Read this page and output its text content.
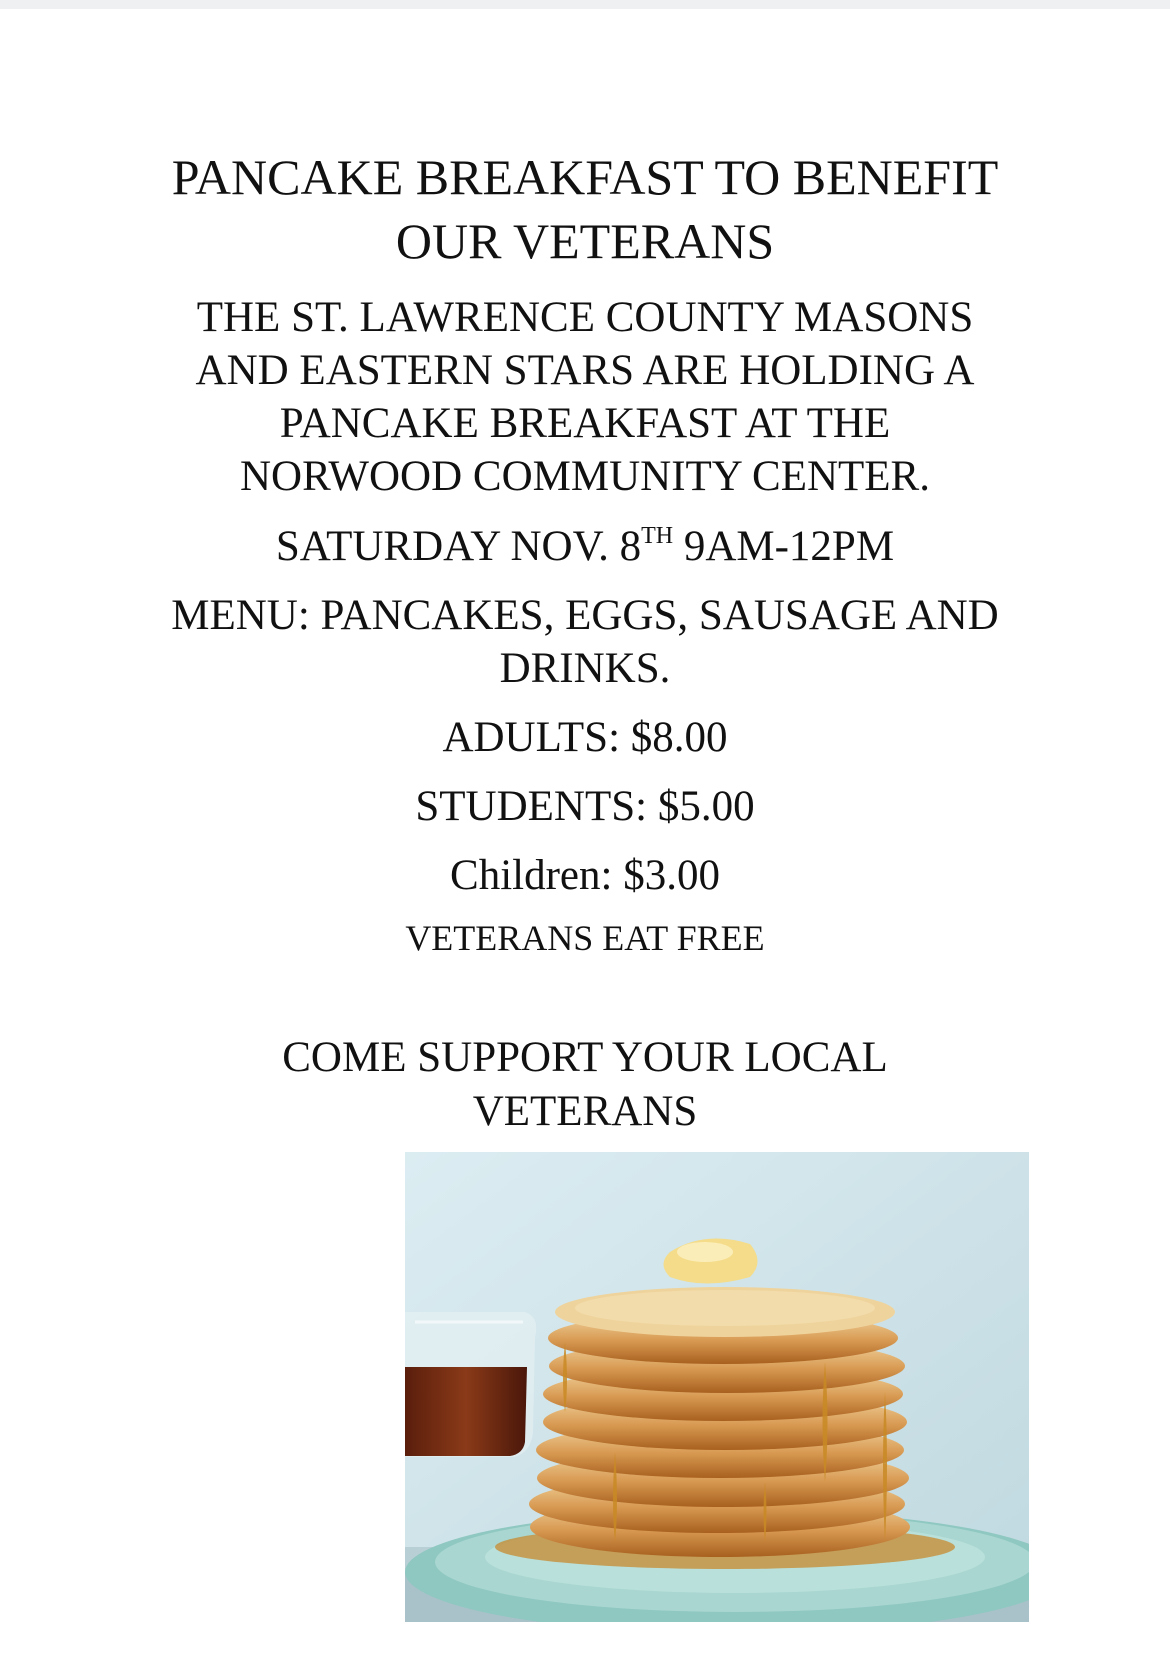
PANCAKE BREAKFAST TO BENEFIT
OUR VETERANS
THE ST. LAWRENCE COUNTY MASONS
AND EASTERN STARS ARE HOLDING A
PANCAKE BREAKFAST AT THE
NORWOOD COMMUNITY CENTER.
SATURDAY NOV. 8TH 9AM-12PM
MENU: PANCAKES, EGGS, SAUSAGE AND
DRINKS.
ADULTS: $8.00
STUDENTS: $5.00
Children: $3.00
VETERANS EAT FREE
COME SUPPORT YOUR LOCAL
VETERANS
